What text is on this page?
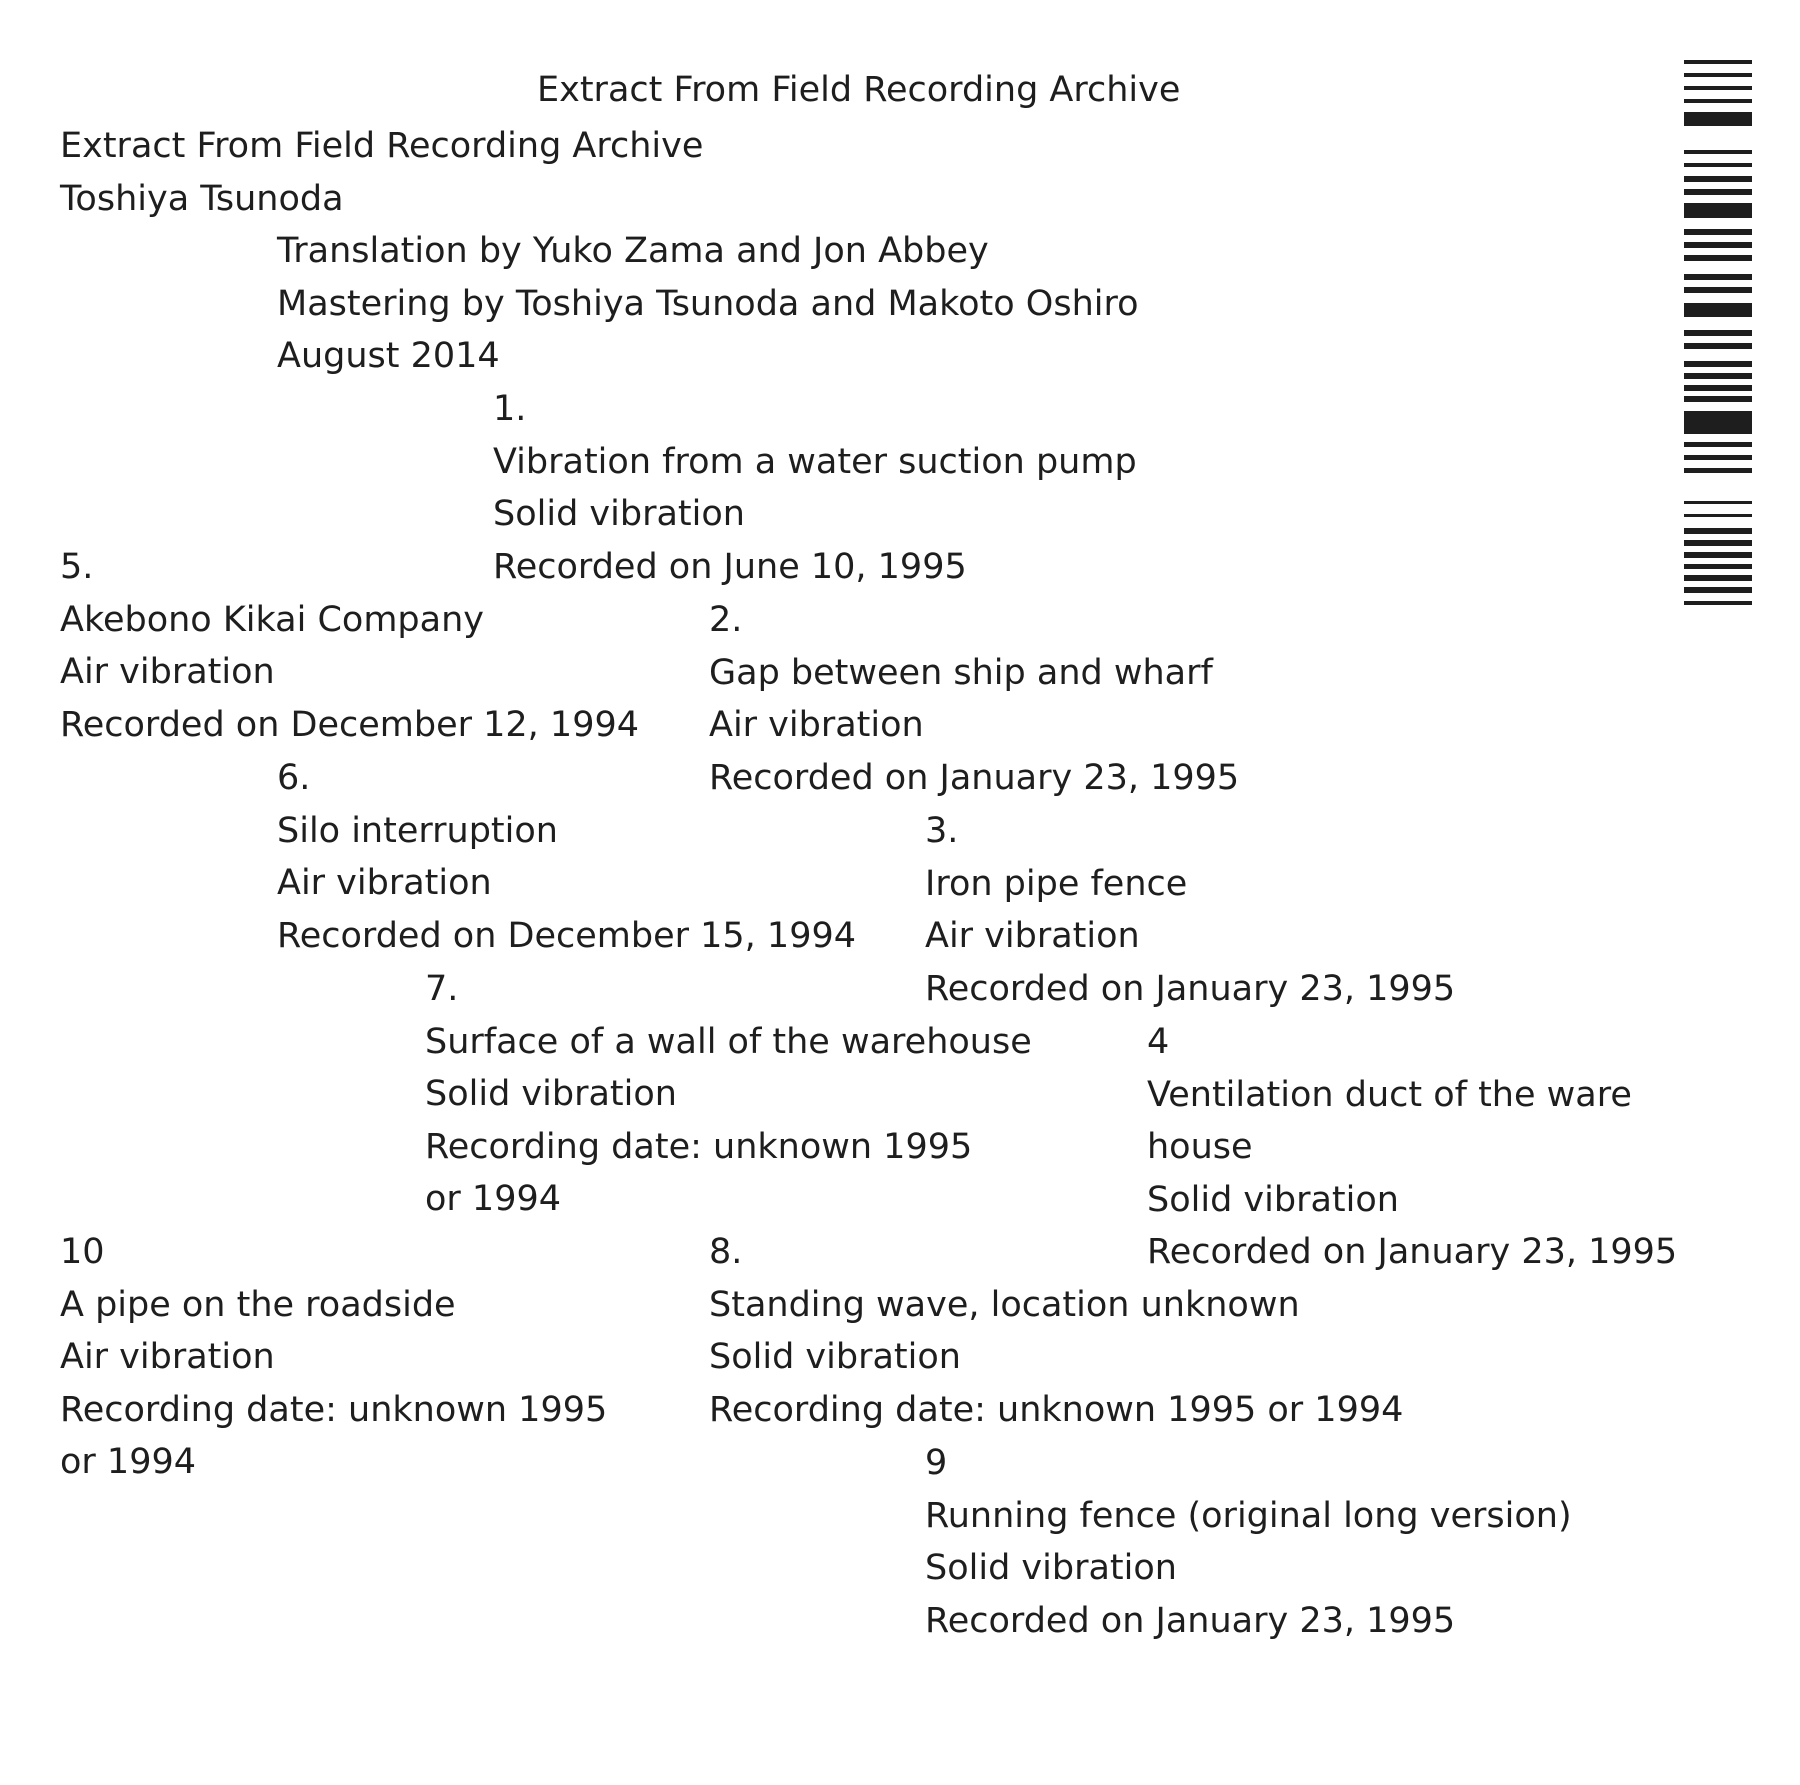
Extract From Field Recording Archive
Extract From Field Recording Archive
Toshiya Tsunoda
Translation by Yuko Zama and Jon Abbey
Mastering by Toshiya Tsunoda and Makoto Oshiro
August 2014
1.
Vibration from a water suction pump
Solid vibration
Recorded on June 10, 1995
5.
Akebono Kikai Company
Air vibration
Recorded on December 12, 1994
2.
Gap between ship and wharf
Air vibration
Recorded on January 23, 1995
6.
Silo interruption
Air vibration
Recorded on December 15, 1994
3.
Iron pipe fence
Air vibration
Recorded on January 23, 1995
7.
Surface of a wall of the warehouse
Solid vibration
Recording date: unknown 1995
or 1994
4
Ventilation duct of the ware
house
Solid vibration
Recorded on January 23, 1995
10
A pipe on the roadside
Air vibration
Recording date: unknown 1995
or 1994
8.
Standing wave, location unknown
Solid vibration
Recording date: unknown 1995 or 1994
9
Running fence (original long version)
Solid vibration
Recorded on January 23, 1995
